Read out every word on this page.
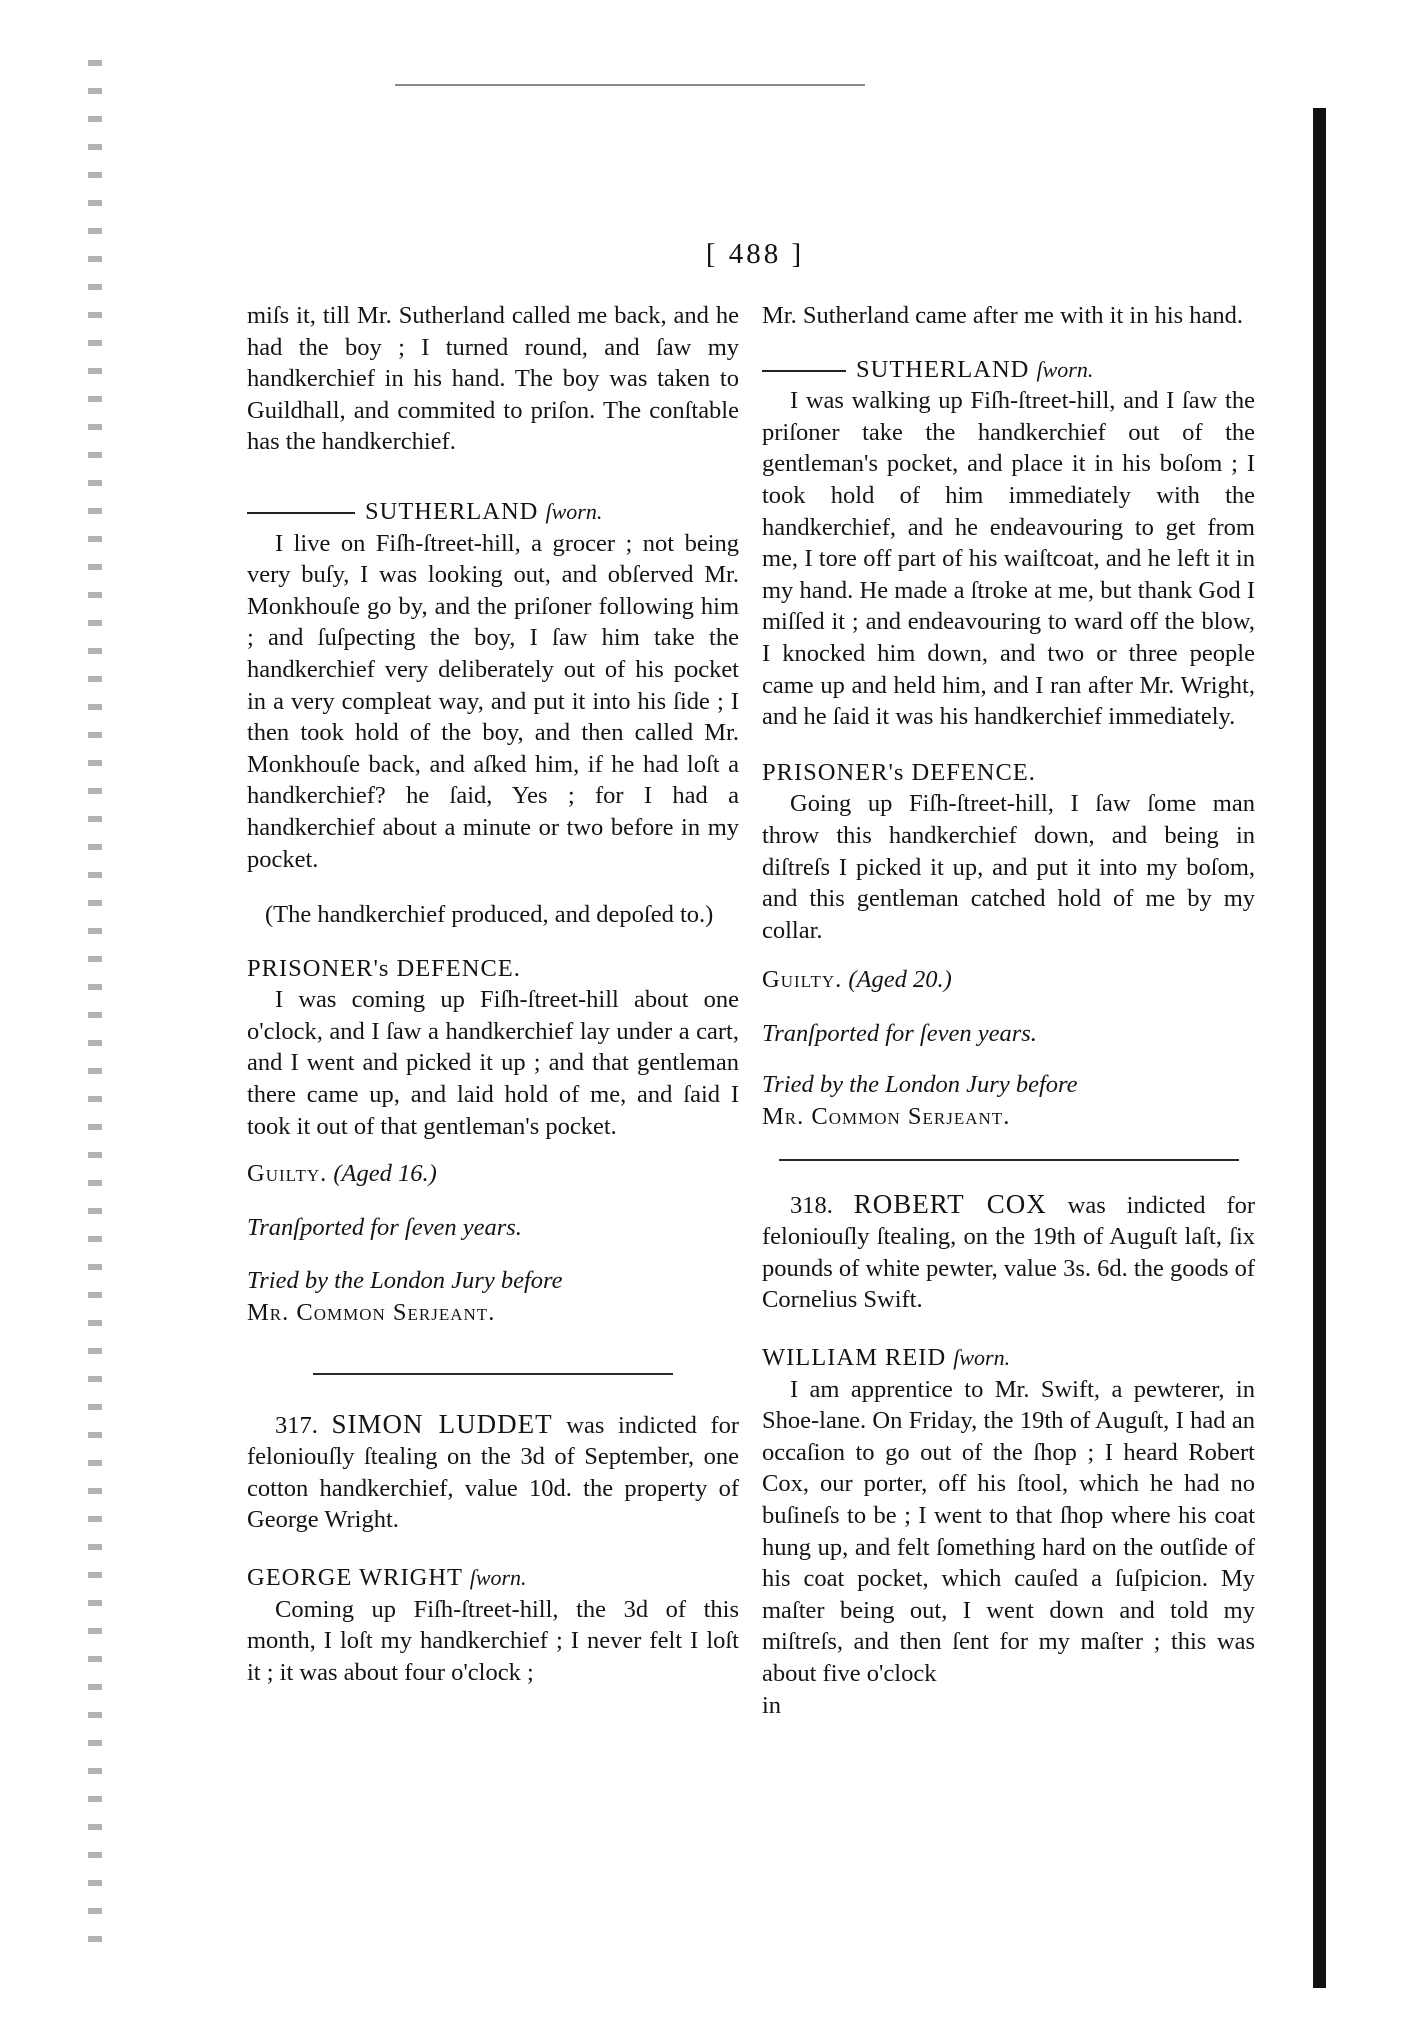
[ 488 ]

miſs it, till Mr. Sutherland called me back, and he had the boy ; I turned round, and ſaw my handkerchief in his hand. The boy was taken to Guildhall, and commited to priſon. The conſtable has the handkerchief.

SUTHERLAND ſworn.

I live on Fiſh-ſtreet-hill, a grocer ; not being very buſy, I was looking out, and obſerved Mr. Monkhouſe go by, and the priſoner following him ; and ſuſpecting the boy, I ſaw him take the handkerchief very deliberately out of his pocket in a very compleat way, and put it into his ſide ; I then took hold of the boy, and then called Mr. Monkhouſe back, and aſked him, if he had loſt a handkerchief? he ſaid, Yes ; for I had a handkerchief about a minute or two before in my pocket.

(The handkerchief produced, and depoſed to.)

PRISONER's DEFENCE.

I was coming up Fiſh-ſtreet-hill about one o'clock, and I ſaw a handkerchief lay under a cart, and I went and picked it up ; and that gentleman there came up, and laid hold of me, and ſaid I took it out of that gentleman's pocket.

Guilty. (Aged 16.)

Tranſported for ſeven years.

Tried by the London Jury before

Mr. Common Serjeant.

317. SIMON LUDDET was indicted for feloniouſly ſtealing on the 3d of September, one cotton handkerchief, value 10d. the property of George Wright.

GEORGE WRIGHT ſworn.

Coming up Fiſh-ſtreet-hill, the 3d of this month, I loſt my handkerchief ; I never felt I loſt it ; it was about four o'clock ;

Mr. Sutherland came after me with it in his hand.

SUTHERLAND ſworn.

I was walking up Fiſh-ſtreet-hill, and I ſaw the priſoner take the handkerchief out of the gentleman's pocket, and place it in his boſom ; I took hold of him immediately with the handkerchief, and he endeavouring to get from me, I tore off part of his waiſtcoat, and he left it in my hand. He made a ſtroke at me, but thank God I miſſed it ; and endeavouring to ward off the blow, I knocked him down, and two or three people came up and held him, and I ran after Mr. Wright, and he ſaid it was his handkerchief immediately.

PRISONER's DEFENCE.

Going up Fiſh-ſtreet-hill, I ſaw ſome man throw this handkerchief down, and being in diſtreſs I picked it up, and put it into my boſom, and this gentleman catched hold of me by my collar.

Guilty. (Aged 20.)

Tranſported for ſeven years.

Tried by the London Jury before

Mr. Common Serjeant.

318. ROBERT COX was indicted for feloniouſly ſtealing, on the 19th of Auguſt laſt, ſix pounds of white pewter, value 3s. 6d. the goods of Cornelius Swift.

WILLIAM REID ſworn.

I am apprentice to Mr. Swift, a pewterer, in Shoe-lane. On Friday, the 19th of Auguſt, I had an occaſion to go out of the ſhop ; I heard Robert Cox, our porter, off his ſtool, which he had no buſineſs to be ; I went to that ſhop where his coat hung up, and felt ſomething hard on the outſide of his coat pocket, which cauſed a ſuſpicion. My maſter being out, I went down and told my miſtreſs, and then ſent for my maſter ; this was about five o'clock

in
